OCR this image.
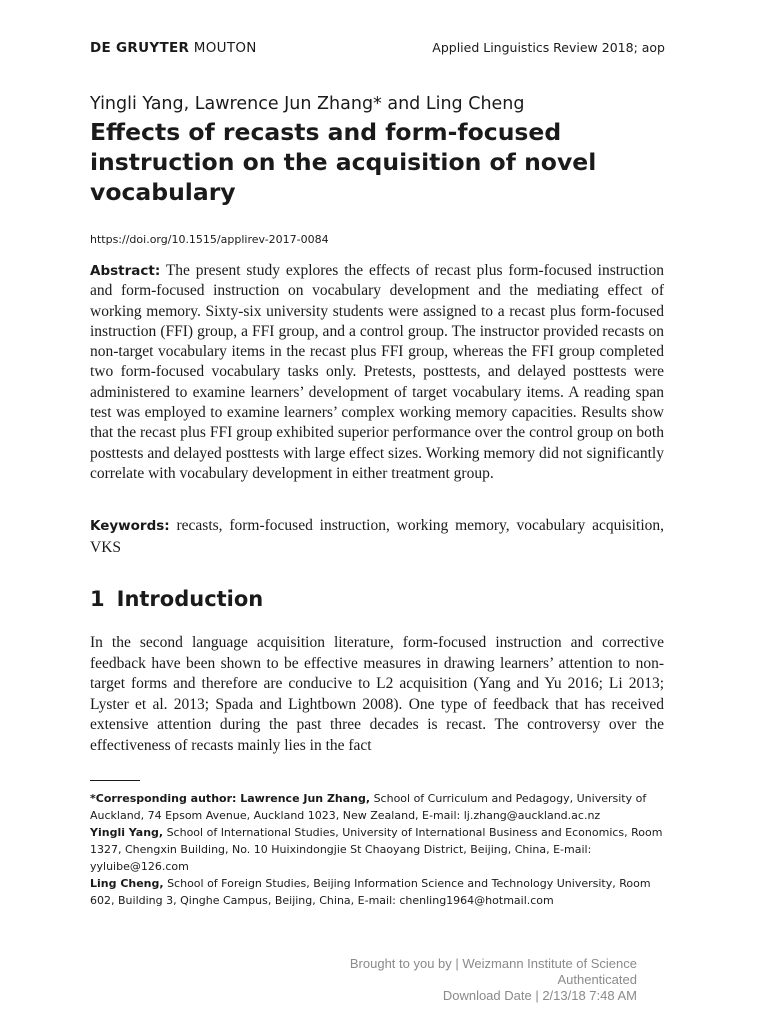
DE GRUYTER MOUTON	Applied Linguistics Review 2018; aop
Yingli Yang, Lawrence Jun Zhang* and Ling Cheng
Effects of recasts and form-focused instruction on the acquisition of novel vocabulary
https://doi.org/10.1515/applirev-2017-0084

Abstract: The present study explores the effects of recast plus form-focused instruction and form-focused instruction on vocabulary development and the mediating effect of working memory. Sixty-six university students were assigned to a recast plus form-focused instruction (FFI) group, a FFI group, and a control group. The instructor provided recasts on non-target vocabulary items in the recast plus FFI group, whereas the FFI group completed two form-focused vocabulary tasks only. Pretests, posttests, and delayed posttests were administered to examine learners’ development of target vocabulary items. A reading span test was employed to examine learners’ complex working memory capacities. Results show that the recast plus FFI group exhibited superior performance over the control group on both posttests and delayed posttests with large effect sizes. Working memory did not significantly correlate with vocabulary development in either treatment group.

Keywords: recasts, form-focused instruction, working memory, vocabulary acquisition, VKS

1 Introduction

In the second language acquisition literature, form-focused instruction and corrective feedback have been shown to be effective measures in drawing learners’ attention to non-target forms and therefore are conducive to L2 acquisition (Yang and Yu 2016; Li 2013; Lyster et al. 2013; Spada and Lightbown 2008). One type of feedback that has received extensive attention during the past three decades is recast. The controversy over the effectiveness of recasts mainly lies in the fact

*Corresponding author: Lawrence Jun Zhang, School of Curriculum and Pedagogy, University of Auckland, 74 Epsom Avenue, Auckland 1023, New Zealand, E-mail: lj.zhang@auckland.ac.nz

Yingli Yang, School of International Studies, University of International Business and Economics, Room 1327, Chengxin Building, No. 10 Huixindongjie St Chaoyang District, Beijing, China, E-mail: yyluibe@126.com

Ling Cheng, School of Foreign Studies, Beijing Information Science and Technology University, Room 602, Building 3, Qinghe Campus, Beijing, China, E-mail: chenling1964@hotmail.com

Brought to you by | Weizmann Institute of Science
Authenticated
Download Date | 2/13/18 7:48 AM
